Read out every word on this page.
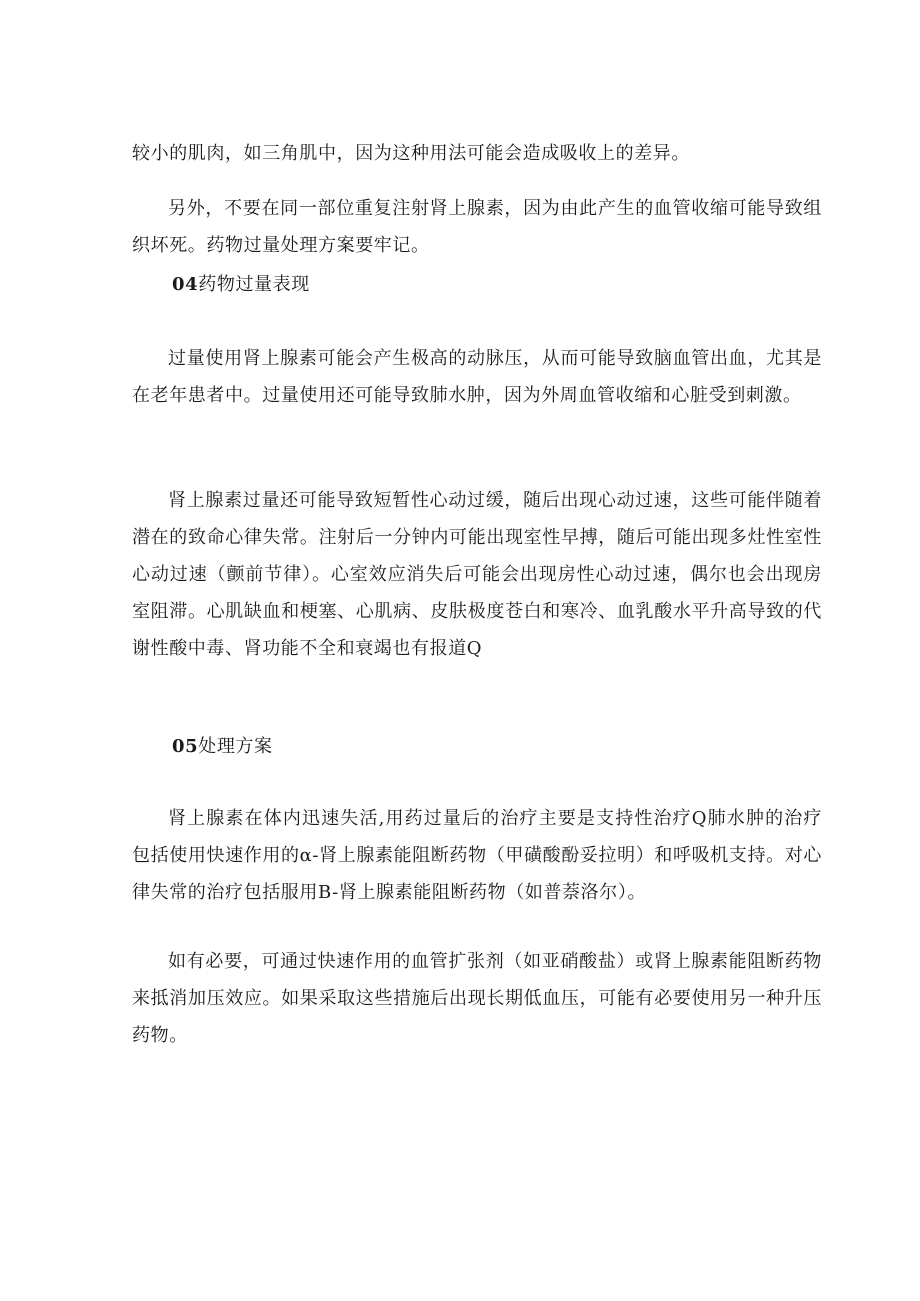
较小的肌肉，如三角肌中，因为这种用法可能会造成吸收上的差异。

另外，不要在同一部位重复注射肾上腺素，因为由此产生的血管收缩可能导致组织坏死。药物过量处理方案要牢记。

04药物过量表现

过量使用肾上腺素可能会产生极高的动脉压，从而可能导致脑血管出血，尤其是在老年患者中。过量使用还可能导致肺水肿，因为外周血管收缩和心脏受到刺激。

肾上腺素过量还可能导致短暂性心动过缓，随后出现心动过速，这些可能伴随着潜在的致命心律失常。注射后一分钟内可能出现室性早搏，随后可能出现多灶性室性心动过速（颤前节律）。心室效应消失后可能会出现房性心动过速，偶尔也会出现房室阻滞。心肌缺血和梗塞、心肌病、皮肤极度苍白和寒冷、血乳酸水平升高导致的代谢性酸中毒、肾功能不全和衰竭也有报道Q

05处理方案

肾上腺素在体内迅速失活,用药过量后的治疗主要是支持性治疗Q肺水肿的治疗包括使用快速作用的α-肾上腺素能阻断药物（甲磺酸酚妥拉明）和呼吸机支持。对心律失常的治疗包括服用B-肾上腺素能阻断药物（如普萘洛尔）。

如有必要，可通过快速作用的血管扩张剂（如亚硝酸盐）或肾上腺素能阻断药物来抵消加压效应。如果采取这些措施后出现长期低血压，可能有必要使用另一种升压药物。
